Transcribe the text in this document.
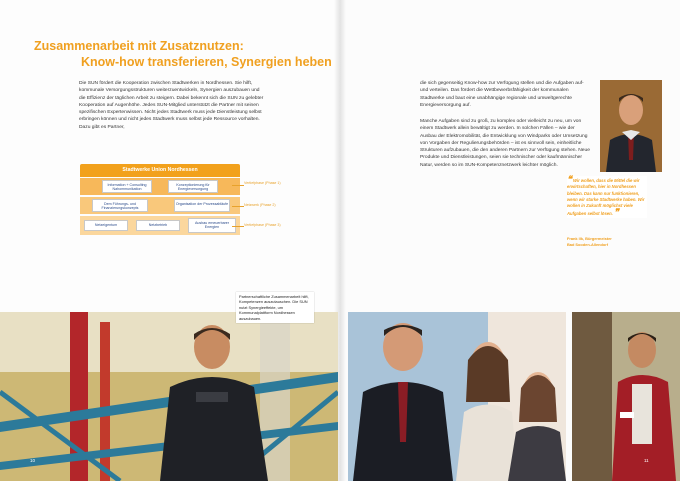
Zusammenarbeit mit Zusatznutzen:
Know-how transferieren, Synergien heben
Die SUN fördert die Kooperation zwischen Stadtwerken in Nordhessen. Sie hilft, kommunale Versorgungsstrukturen weiterzuentwickeln, Synergien auszubauen und die Effizienz der täglichen Arbeit zu steigern. Dabei bekennt sich die SUN zu gelebter Kooperation auf Augenhöhe. Jedes SUN-Mitglied unterstützt die Partner mit seinen spezifischen Expertenwissen. Nicht jedes Stadtwerk muss jede Dienstleistung selbst erbringen können und nicht jedes Stadtwerk muss selbst jede Ressource vorhalten. Dazu gibt es Partner,
die sich gegenseitig Know-how zur Verfügung stellen und die Aufgaben auf- und verteilen. Das fördert die Wettbewerbsfähigkeit der kommunalen Stadtwerke und baut eine unabhängige regionale und umweltgerechte Energieversorgung auf.
Manche Aufgaben sind zu groß, zu komplex oder vielleicht zu neu, um von einem Stadtwerk allein bewältigt zu werden. In solchen Fällen – wie der Ausbau der Elektromobilität, die Entwicklung von Windparks oder Umsetzung von Vorgaben der Regulierungsbehörden – ist es sinnvoll sein, einheitliche Strukturen aufzubauen, die den anderen Partnern zur Verfügung stehen. Neue Produkte und Dienstleistungen, seien sie technischer oder kaufmännischer Natur, werden so im SUN-Kompetenznetzwerk leichter möglich.
Stadtwerke Union Nordhessen
Information + Consulting Nahommunikation
Konzeptionierung für Energieversorgung
Dem Führungs- und Finanzierungskonzepts
Organisation der Prozessabläufe
Netzeigentum	Netzbetrieb	Ausbau erneuerbarer Energien
Vertiefphase (Phase 1)
Netzwerk (Phase 2)
Vertiefphase (Phase 3)
❝ Wir wollen, dass die Mittel die wir erwirtschaften, hier in Nordhessen bleiben. Das kann nur funktionieren, wenn wir starke Stadtwerke haben. Wir wollen in Zukunft möglichst viele Aufgaben selbst lösen. ❞
Frank Ilk, Bürgermeister
Bad Sooden-Allendorf
10	11
Partnerschaftliche Zusammenarbeit hilft, Kompetenzen auszutauschen. Die SUN nutzt Synergieeffekte, um Kommunalplattform Nordhessen auszubauen.
